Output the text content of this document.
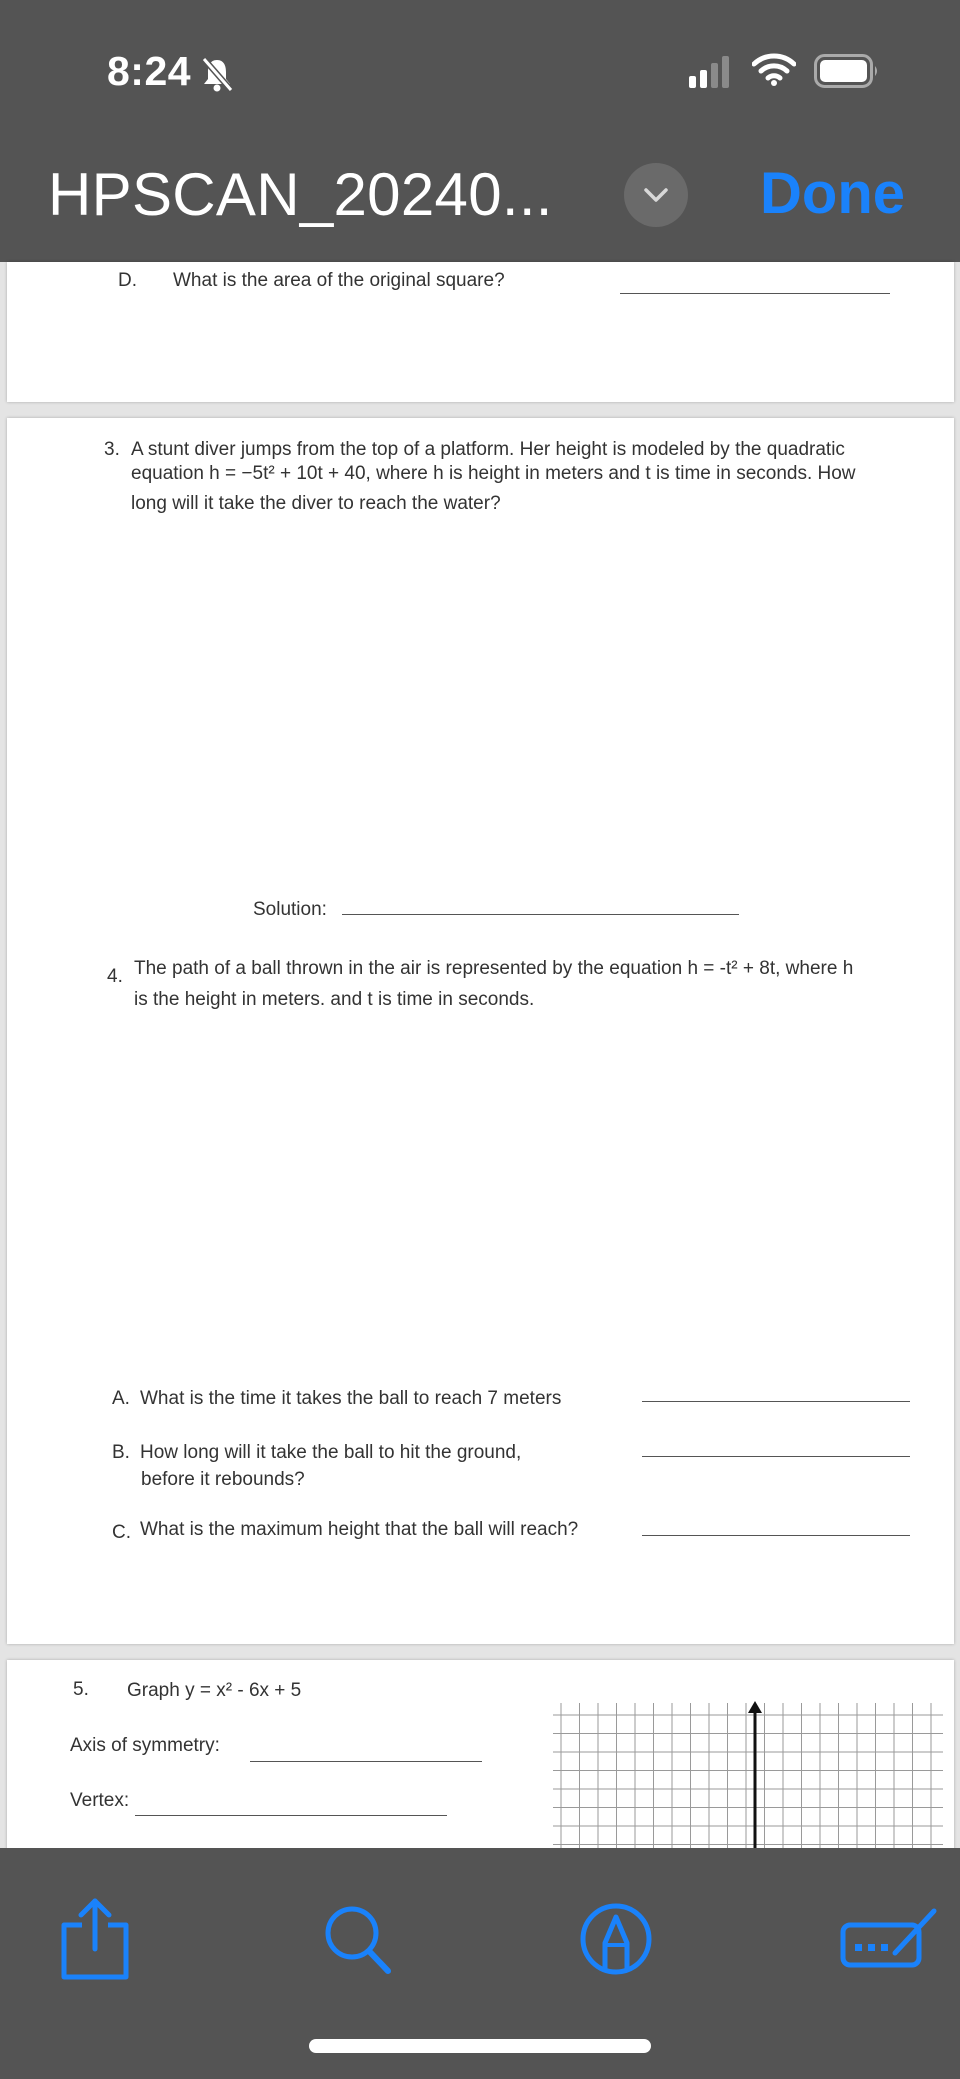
8:24
HPSCAN_20240...	Done
D. What is the area of the original square?
3. A stunt diver jumps from the top of a platform. Her height is modeled by the quadratic
equation h = −5t² + 10t + 40, where h is height in meters and t is time in seconds. How
long will it take the diver to reach the water?
Solution:
4. The path of a ball thrown in the air is represented by the equation h = -t² + 8t, where h
is the height in meters. and t is time in seconds.
A. What is the time it takes the ball to reach 7 meters
B. How long will it take the ball to hit the ground,
before it rebounds?
C. What is the maximum height that the ball will reach?
5. Graph y = x² - 6x + 5
Axis of symmetry:
Vertex:
